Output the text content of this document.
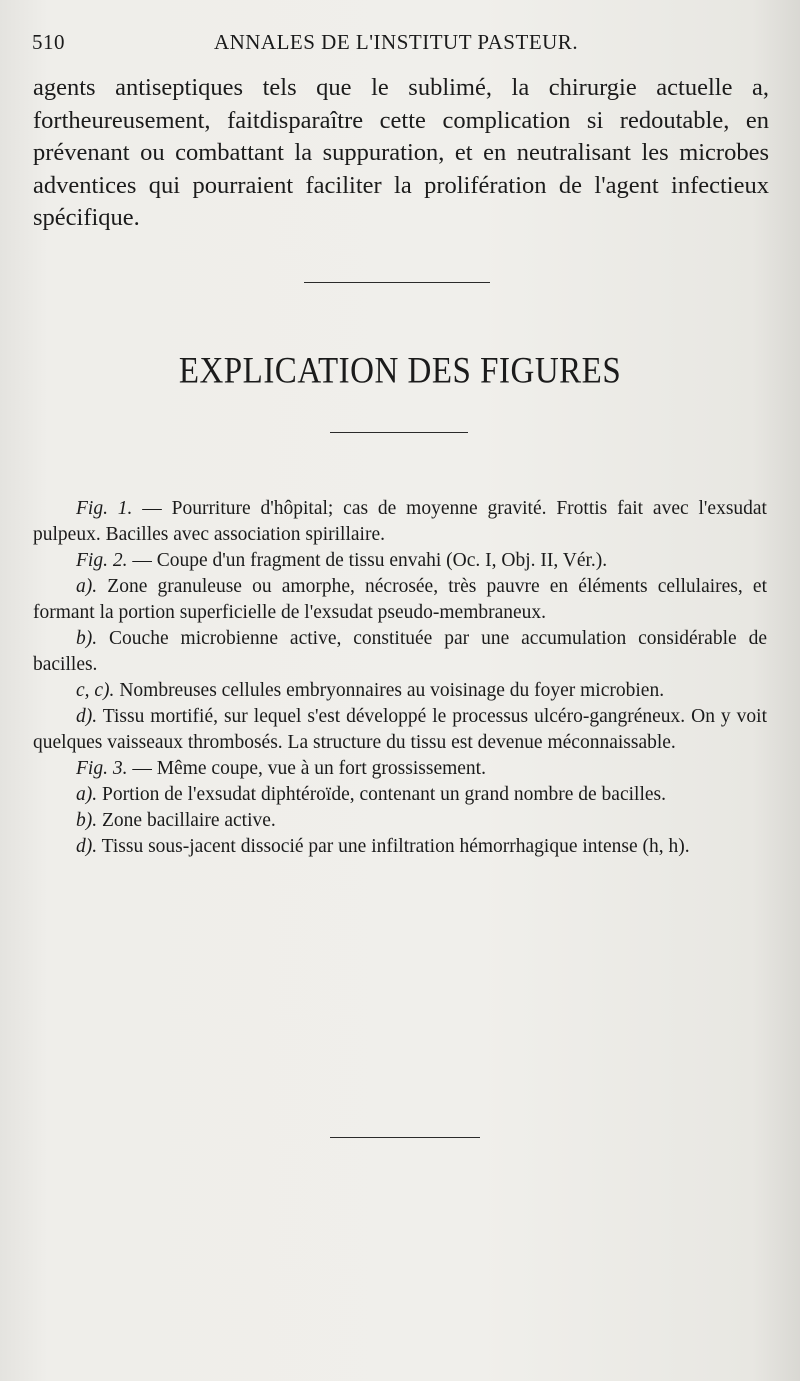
ANNALES DE L'INSTITUT PASTEUR.
510

agents antiseptiques tels que le sublimé, la chirurgie actuelle a, fortheureusement, faitdisparaître cette complication si redoutable, en prévenant ou combattant la suppuration, et en neutralisant les microbes adventices qui pourraient faciliter la prolifération de l'agent infectieux spécifique.

EXPLICATION DES FIGURES

Fig. 1. — Pourriture d'hôpital; cas de moyenne gravité. Frottis fait avec l'exsudat pulpeux. Bacilles avec association spirillaire.

Fig. 2. — Coupe d'un fragment de tissu envahi (Oc. I, Obj. II, Vér.).

a). Zone granuleuse ou amorphe, nécrosée, très pauvre en éléments cellulaires, et formant la portion superficielle de l'exsudat pseudo-membraneux.

b). Couche microbienne active, constituée par une accumulation considérable de bacilles.

c, c). Nombreuses cellules embryonnaires au voisinage du foyer microbien.

d). Tissu mortifié, sur lequel s'est développé le processus ulcéro-gangréneux. On y voit quelques vaisseaux thrombosés. La structure du tissu est devenue méconnaissable.

Fig. 3. — Même coupe, vue à un fort grossissement.

a). Portion de l'exsudat diphtéroïde, contenant un grand nombre de bacilles.

b). Zone bacillaire active.

d). Tissu sous-jacent dissocié par une infiltration hémorrhagique intense (h, h).
